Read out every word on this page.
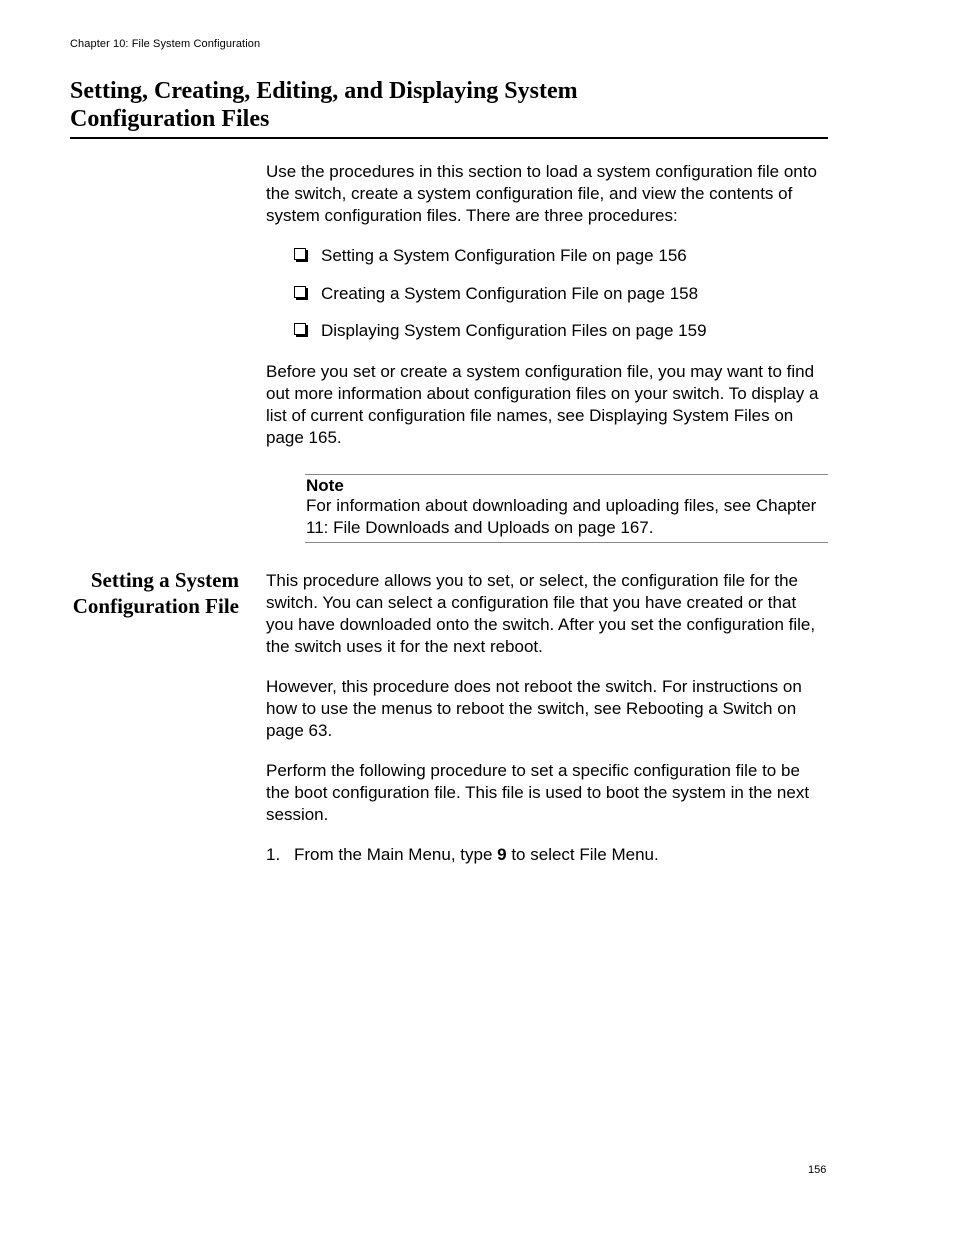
Chapter 10: File System Configuration
Setting, Creating, Editing, and Displaying System Configuration Files

Use the procedures in this section to load a system configuration file onto the switch, create a system configuration file, and view the contents of system configuration files. There are three procedures:

Setting a System Configuration File on page 156
Creating a System Configuration File on page 158
Displaying System Configuration Files on page 159

Before you set or create a system configuration file, you may want to find out more information about configuration files on your switch. To display a list of current configuration file names, see Displaying System Files on page 165.

Note

For information about downloading and uploading files, see Chapter 11: File Downloads and Uploads on page 167.

Setting a System Configuration File

This procedure allows you to set, or select, the configuration file for the switch. You can select a configuration file that you have created or that you have downloaded onto the switch. After you set the configuration file, the switch uses it for the next reboot.

However, this procedure does not reboot the switch. For instructions on how to use the menus to reboot the switch, see Rebooting a Switch on page 63.

Perform the following procedure to set a specific configuration file to be the boot configuration file. This file is used to boot the system in the next session.

1. From the Main Menu, type 9 to select File Menu.
156
